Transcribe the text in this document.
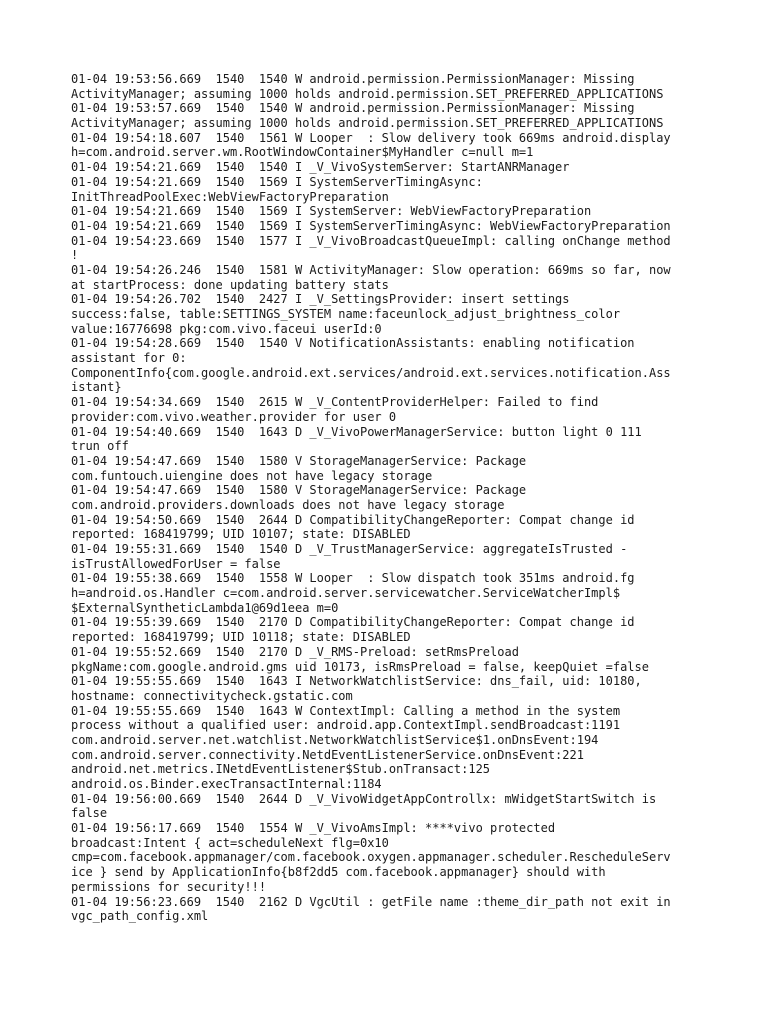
01-04 19:53:56.669  1540  1540 W android.permission.PermissionManager: Missing
ActivityManager; assuming 1000 holds android.permission.SET_PREFERRED_APPLICATIONS
01-04 19:53:57.669  1540  1540 W android.permission.PermissionManager: Missing
ActivityManager; assuming 1000 holds android.permission.SET_PREFERRED_APPLICATIONS
01-04 19:54:18.607  1540  1561 W Looper  : Slow delivery took 669ms android.display
h=com.android.server.wm.RootWindowContainer$MyHandler c=null m=1
01-04 19:54:21.669  1540  1540 I _V_VivoSystemServer: StartANRManager
01-04 19:54:21.669  1540  1569 I SystemServerTimingAsync:
InitThreadPoolExec:WebViewFactoryPreparation
01-04 19:54:21.669  1540  1569 I SystemServer: WebViewFactoryPreparation
01-04 19:54:21.669  1540  1569 I SystemServerTimingAsync: WebViewFactoryPreparation
01-04 19:54:23.669  1540  1577 I _V_VivoBroadcastQueueImpl: calling onChange method
!
01-04 19:54:26.246  1540  1581 W ActivityManager: Slow operation: 669ms so far, now
at startProcess: done updating battery stats
01-04 19:54:26.702  1540  2427 I _V_SettingsProvider: insert settings
success:false, table:SETTINGS_SYSTEM name:faceunlock_adjust_brightness_color
value:16776698 pkg:com.vivo.faceui userId:0
01-04 19:54:28.669  1540  1540 V NotificationAssistants: enabling notification
assistant for 0:
ComponentInfo{com.google.android.ext.services/android.ext.services.notification.Ass
istant}
01-04 19:54:34.669  1540  2615 W _V_ContentProviderHelper: Failed to find
provider:com.vivo.weather.provider for user 0
01-04 19:54:40.669  1540  1643 D _V_VivoPowerManagerService: button light 0 111
trun off
01-04 19:54:47.669  1540  1580 V StorageManagerService: Package
com.funtouch.uiengine does not have legacy storage
01-04 19:54:47.669  1540  1580 V StorageManagerService: Package
com.android.providers.downloads does not have legacy storage
01-04 19:54:50.669  1540  2644 D CompatibilityChangeReporter: Compat change id
reported: 168419799; UID 10107; state: DISABLED
01-04 19:55:31.669  1540  1540 D _V_TrustManagerService: aggregateIsTrusted -
isTrustAllowedForUser = false
01-04 19:55:38.669  1540  1558 W Looper  : Slow dispatch took 351ms android.fg
h=android.os.Handler c=com.android.server.servicewatcher.ServiceWatcherImpl$
$ExternalSyntheticLambda1@69d1eea m=0
01-04 19:55:39.669  1540  2170 D CompatibilityChangeReporter: Compat change id
reported: 168419799; UID 10118; state: DISABLED
01-04 19:55:52.669  1540  2170 D _V_RMS-Preload: setRmsPreload
pkgName:com.google.android.gms uid 10173, isRmsPreload = false, keepQuiet =false
01-04 19:55:55.669  1540  1643 I NetworkWatchlistService: dns_fail, uid: 10180,
hostname: connectivitycheck.gstatic.com
01-04 19:55:55.669  1540  1643 W ContextImpl: Calling a method in the system
process without a qualified user: android.app.ContextImpl.sendBroadcast:1191
com.android.server.net.watchlist.NetworkWatchlistService$1.onDnsEvent:194
com.android.server.connectivity.NetdEventListenerService.onDnsEvent:221
android.net.metrics.INetdEventListener$Stub.onTransact:125
android.os.Binder.execTransactInternal:1184
01-04 19:56:00.669  1540  2644 D _V_VivoWidgetAppControllx: mWidgetStartSwitch is
false
01-04 19:56:17.669  1540  1554 W _V_VivoAmsImpl: ****vivo protected
broadcast:Intent { act=scheduleNext flg=0x10
cmp=com.facebook.appmanager/com.facebook.oxygen.appmanager.scheduler.RescheduleServ
ice } send by ApplicationInfo{b8f2dd5 com.facebook.appmanager} should with
permissions for security!!!
01-04 19:56:23.669  1540  2162 D VgcUtil : getFile name :theme_dir_path not exit in
vgc_path_config.xml
